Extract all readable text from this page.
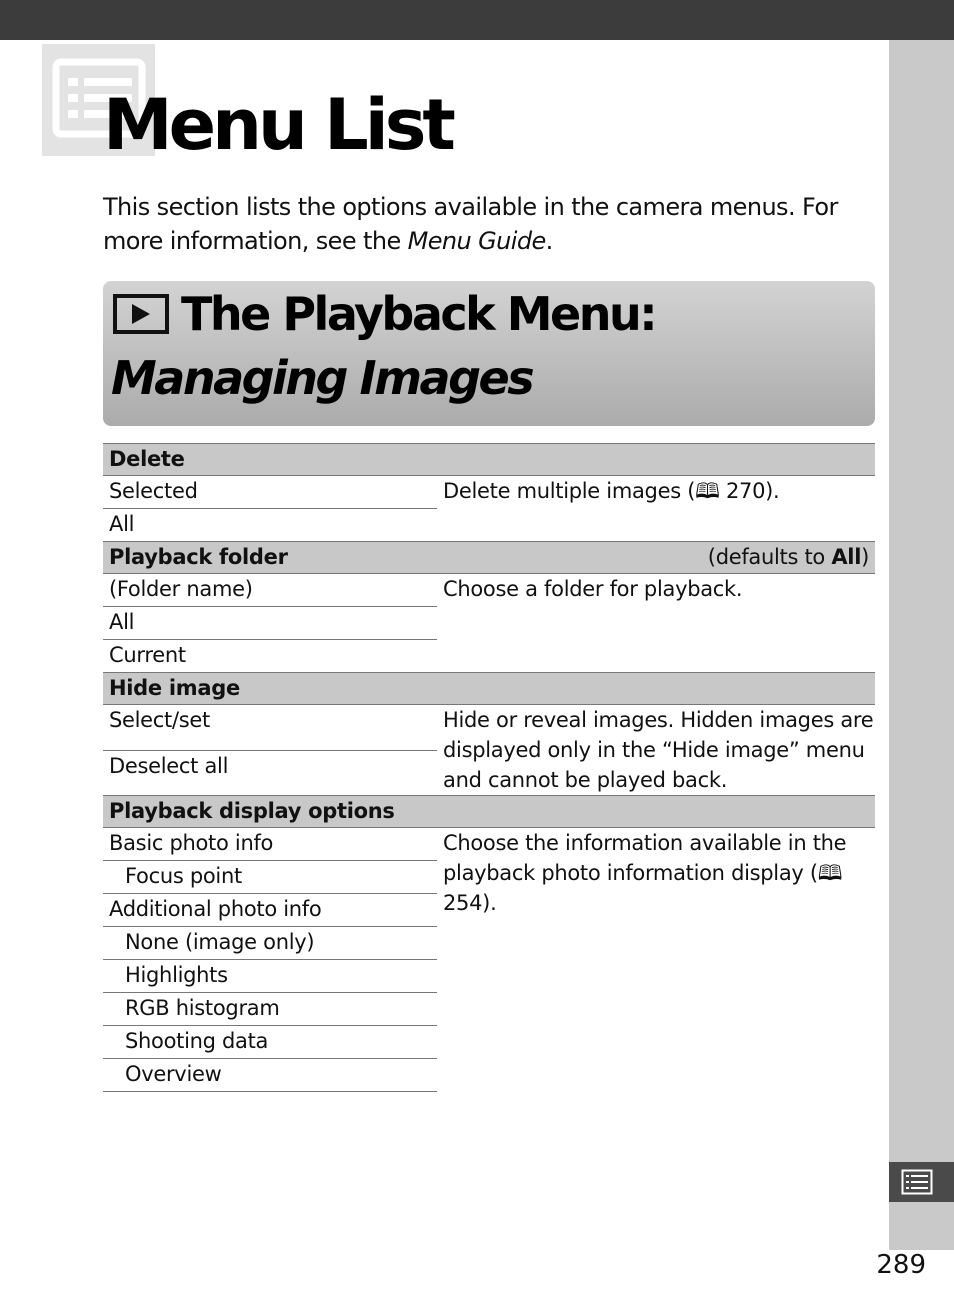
289
Menu List

This section lists the options available in the camera menus. For more information, see the Menu Guide.

The Playback Menu:
Managing Images
Delete	
Selected	Delete multiple images (🕮 270).
All	
Playback folder	(defaults to All)
(Folder name)	Choose a folder for playback.
All	
Current	
Hide image	
Select/set	Hide or reveal images. Hidden images are displayed only in the “Hide image” menu and cannot be played back.
Deselect all	
Playback display options	
Basic photo info	Choose the information available in the playback photo information display (🕮 254).
Focus point	
Additional photo info	
None (image only)	
Highlights	
RGB histogram	
Shooting data	
Overview	
